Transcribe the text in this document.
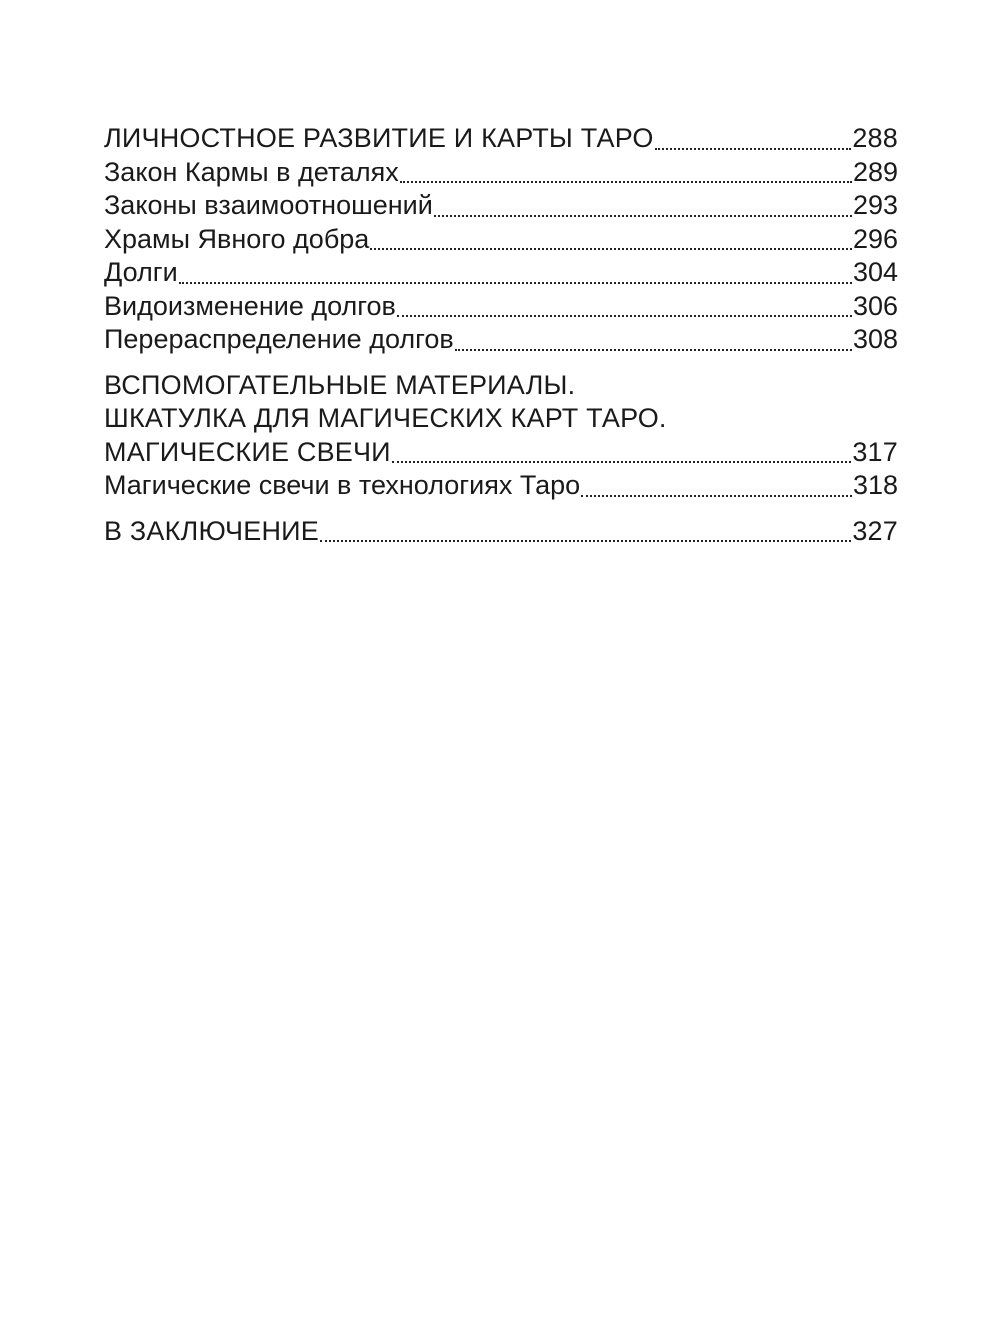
ЛИЧНОСТНОЕ РАЗВИТИЕ И КАРТЫ ТАРО	288
Закон Кармы в деталях	289
Законы взаимоотношений	293
Храмы Явного добра	296
Долги	304
Видоизменение долгов	306
Перераспределение долгов	308
ВСПОМОГАТЕЛЬНЫЕ МАТЕРИАЛЫ.
ШКАТУЛКА ДЛЯ МАГИЧЕСКИХ КАРТ ТАРО.
МАГИЧЕСКИЕ СВЕЧИ	317
Магические свечи в технологиях Таро	318
В ЗАКЛЮЧЕНИЕ	327
